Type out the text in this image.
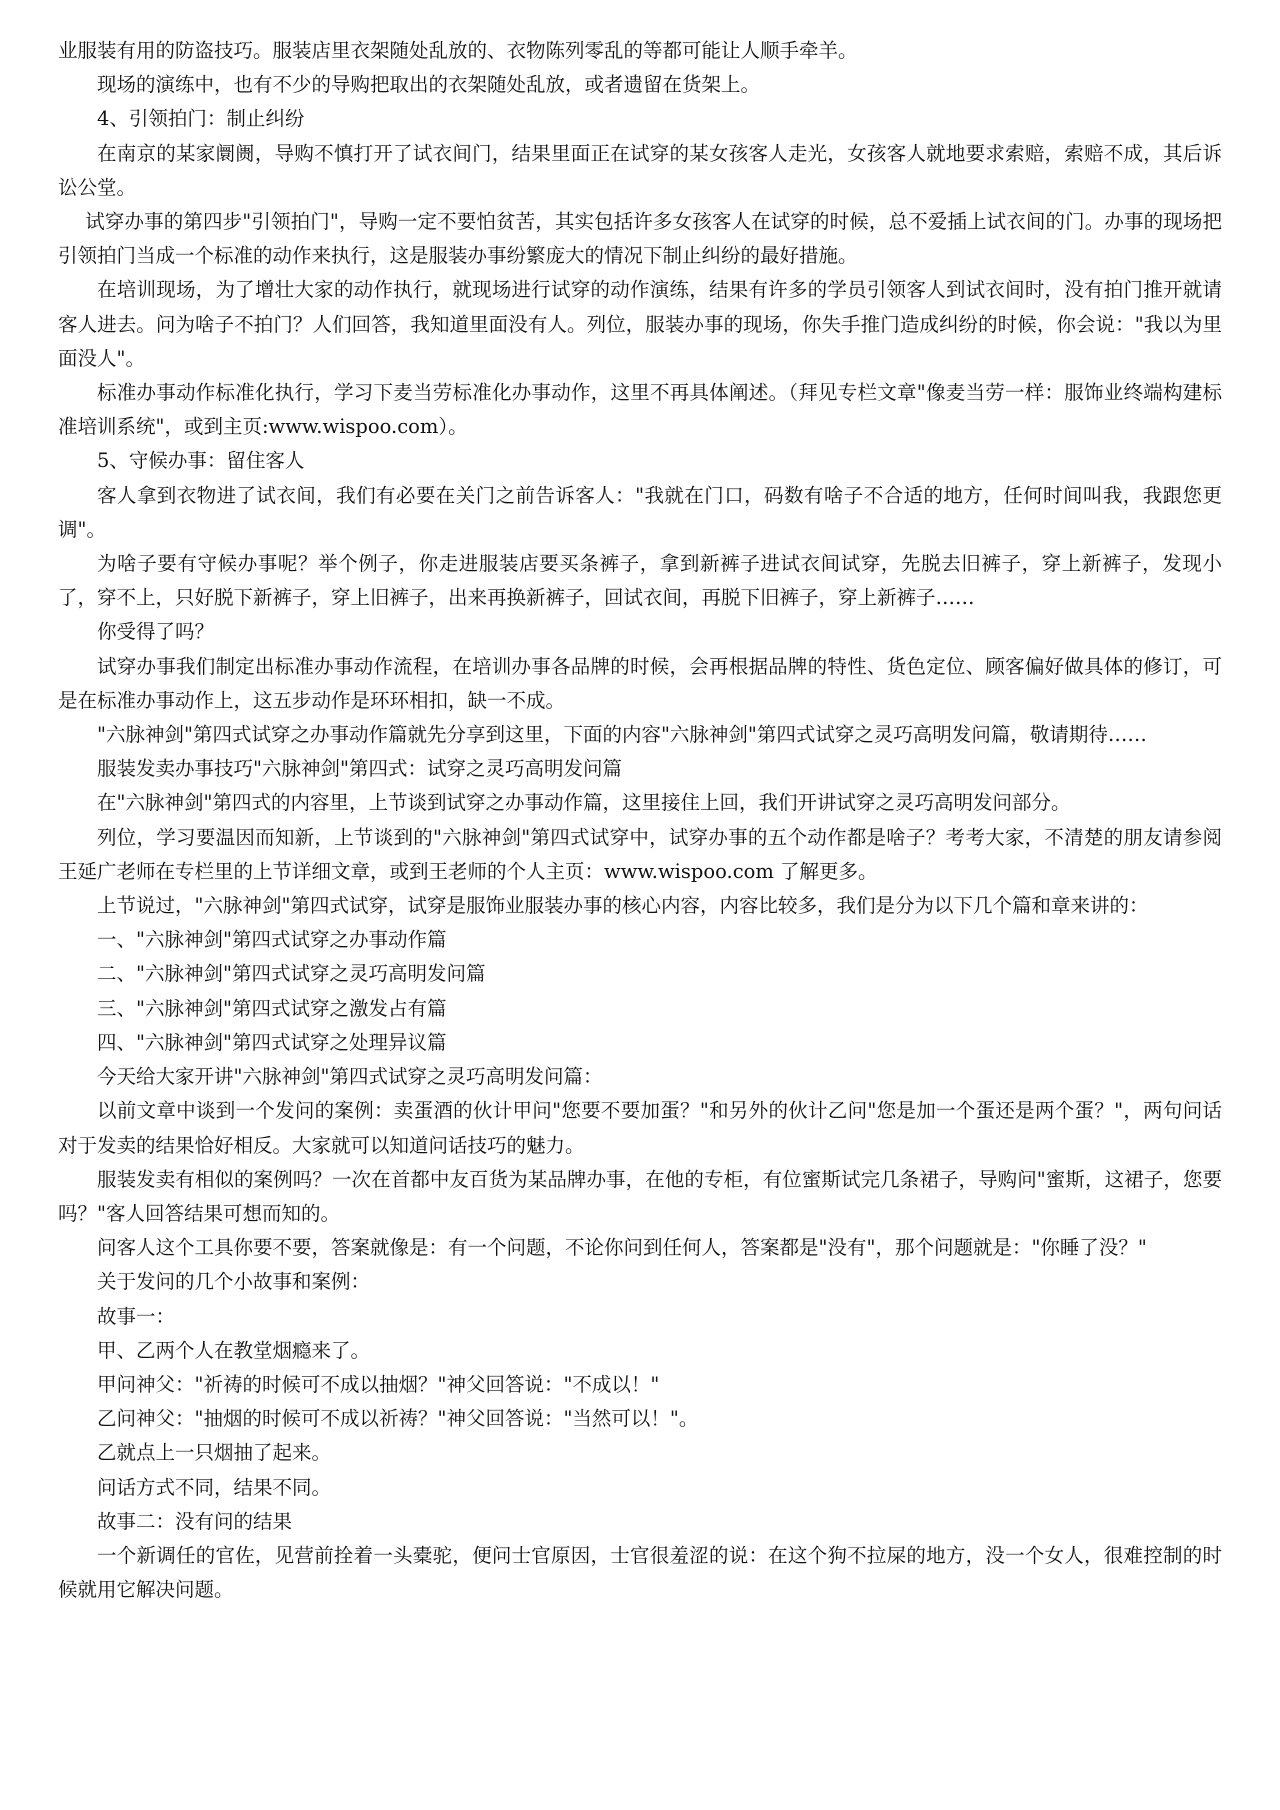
业服装有用的防盗技巧。服装店里衣架随处乱放的、衣物陈列零乱的等都可能让人顺手牵羊。

现场的演练中，也有不少的导购把取出的衣架随处乱放，或者遗留在货架上。

4、引领拍门：制止纠纷

在南京的某家阛阓，导购不慎打开了试衣间门，结果里面正在试穿的某女孩客人走光，女孩客人就地要求索赔，索赔不成，其后诉讼公堂。

试穿办事的第四步"引领拍门"，导购一定不要怕贫苦，其实包括许多女孩客人在试穿的时候，总不爱插上试衣间的门。办事的现场把引领拍门当成一个标准的动作来执行，这是服装办事纷繁庞大的情况下制止纠纷的最好措施。

在培训现场，为了增壮大家的动作执行，就现场进行试穿的动作演练，结果有许多的学员引领客人到试衣间时，没有拍门推开就请客人进去。问为啥子不拍门？人们回答，我知道里面没有人。列位，服装办事的现场，你失手推门造成纠纷的时候，你会说："我以为里面没人"。

标准办事动作标准化执行，学习下麦当劳标准化办事动作，这里不再具体阐述。（拜见专栏文章"像麦当劳一样：服饰业终端构建标准培训系统"，或到主页:www.wispoo.com）。

5、守候办事：留住客人

客人拿到衣物进了试衣间，我们有必要在关门之前告诉客人："我就在门口，码数有啥子不合适的地方，任何时间叫我，我跟您更调"。

为啥子要有守候办事呢？举个例子，你走进服装店要买条裤子，拿到新裤子进试衣间试穿，先脱去旧裤子，穿上新裤子，发现小了，穿不上，只好脱下新裤子，穿上旧裤子，出来再换新裤子，回试衣间，再脱下旧裤子，穿上新裤子……

你受得了吗？

试穿办事我们制定出标准办事动作流程，在培训办事各品牌的时候，会再根据品牌的特性、货色定位、顾客偏好做具体的修订，可是在标准办事动作上，这五步动作是环环相扣，缺一不成。

"六脉神剑"第四式试穿之办事动作篇就先分享到这里，下面的内容"六脉神剑"第四式试穿之灵巧高明发问篇，敬请期待……

服装发卖办事技巧"六脉神剑"第四式：试穿之灵巧高明发问篇

在"六脉神剑"第四式的内容里，上节谈到试穿之办事动作篇，这里接住上回，我们开讲试穿之灵巧高明发问部分。

列位，学习要温因而知新，上节谈到的"六脉神剑"第四式试穿中，试穿办事的五个动作都是啥子？考考大家，不清楚的朋友请参阅王延广老师在专栏里的上节详细文章，或到王老师的个人主页：www.wispoo.com 了解更多。

上节说过，"六脉神剑"第四式试穿，试穿是服饰业服装办事的核心内容，内容比较多，我们是分为以下几个篇和章来讲的：

一、"六脉神剑"第四式试穿之办事动作篇

二、"六脉神剑"第四式试穿之灵巧高明发问篇

三、"六脉神剑"第四式试穿之激发占有篇

四、"六脉神剑"第四式试穿之处理异议篇

今天给大家开讲"六脉神剑"第四式试穿之灵巧高明发问篇：

以前文章中谈到一个发问的案例：卖蛋酒的伙计甲问"您要不要加蛋？"和另外的伙计乙问"您是加一个蛋还是两个蛋？"，两句问话对于发卖的结果恰好相反。大家就可以知道问话技巧的魅力。

服装发卖有相似的案例吗？一次在首都中友百货为某品牌办事，在他的专柜，有位蜜斯试完几条裙子，导购问"蜜斯，这裙子，您要吗？"客人回答结果可想而知的。

问客人这个工具你要不要，答案就像是：有一个问题，不论你问到任何人，答案都是"没有"，那个问题就是："你睡了没？"

关于发问的几个小故事和案例：

故事一：

甲、乙两个人在教堂烟瘾来了。

甲问神父："祈祷的时候可不成以抽烟？"神父回答说："不成以！"

乙问神父："抽烟的时候可不成以祈祷？"神父回答说："当然可以！"。

乙就点上一只烟抽了起来。

问话方式不同，结果不同。

故事二：没有问的结果

一个新调任的官佐，见营前拴着一头橐驼，便问士官原因，士官很羞涩的说：在这个狗不拉屎的地方，没一个女人，很难控制的时候就用它解决问题。
